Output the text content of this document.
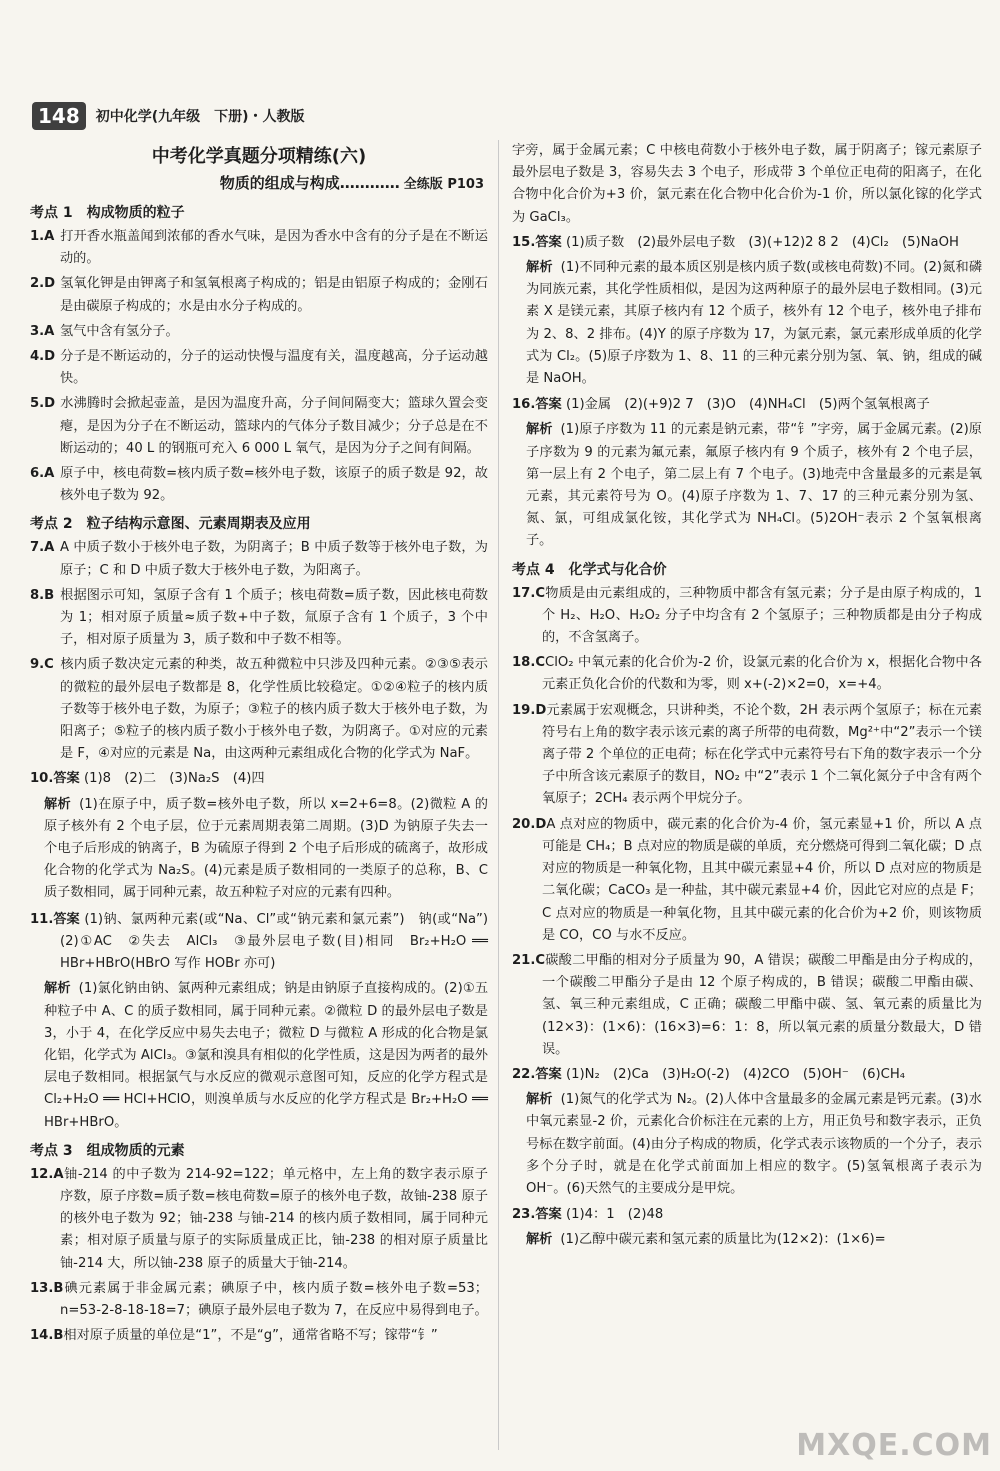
148	初中化学(九年级　下册)・人教版
中考化学真题分项精练(六)
物质的组成与构成………… 全练版 P103
考点 1　构成物质的粒子
1.A 打开香水瓶盖闻到浓郁的香水气味，是因为香水中含有的分子是在不断运动的。
2.D 氢氧化钾是由钾离子和氢氧根离子构成的；铝是由铝原子构成的；金刚石是由碳原子构成的；水是由水分子构成的。
3.A 氢气中含有氢分子。
4.D 分子是不断运动的，分子的运动快慢与温度有关，温度越高，分子运动越快。
5.D 水沸腾时会掀起壶盖，是因为温度升高，分子间间隔变大；篮球久置会变瘪，是因为分子在不断运动，篮球内的气体分子数目减少；分子总是在不断运动的；40 L 的钢瓶可充入 6 000 L 氧气，是因为分子之间有间隔。
6.A 原子中，核电荷数=核内质子数=核外电子数，该原子的质子数是 92，故核外电子数为 92。
考点 2　粒子结构示意图、元素周期表及应用
7.A A 中质子数小于核外电子数，为阴离子；B 中质子数等于核外电子数，为原子；C 和 D 中质子数大于核外电子数，为阳离子。
8.B 根据图示可知，氢原子含有 1 个质子；核电荷数=质子数，因此核电荷数为 1；相对原子质量≈质子数+中子数，氚原子含有 1 个质子，3 个中子，相对原子质量为 3，质子数和中子数不相等。
9.C 核内质子数决定元素的种类，故五种微粒中只涉及四种元素。②③⑤表示的微粒的最外层电子数都是 8，化学性质比较稳定。①②④粒子的核内质子数等于核外电子数，为原子；③粒子的核内质子数大于核外电子数，为阳离子；⑤粒子的核内质子数小于核外电子数，为阴离子。①对应的元素是 F，④对应的元素是 Na，由这两种元素组成化合物的化学式为 NaF。
10.答案 (1)8　(2)二　(3)Na₂S　(4)四
解析 (1)在原子中，质子数=核外电子数，所以 x=2+6=8。(2)微粒 A 的原子核外有 2 个电子层，位于元素周期表第二周期。(3)D 为钠原子失去一个电子后形成的钠离子，B 为硫原子得到 2 个电子后形成的硫离子，故形成化合物的化学式为 Na₂S。(4)元素是质子数相同的一类原子的总称，B、C 质子数相同，属于同种元素，故五种粒子对应的元素有四种。
11.答案 (1)钠、氯两种元素(或“Na、Cl”或“钠元素和氯元素”)　钠(或“Na”)　(2)①AC　②失去　AlCl₃　③最外层电子数(目)相同　Br₂+H₂O ══ HBr+HBrO(HBrO 写作 HOBr 亦可)
解析 (1)氯化钠由钠、氯两种元素组成；钠是由钠原子直接构成的。(2)①五种粒子中 A、C 的质子数相同，属于同种元素。②微粒 D 的最外层电子数是 3，小于 4，在化学反应中易失去电子；微粒 D 与微粒 A 形成的化合物是氯化铝，化学式为 AlCl₃。③氯和溴具有相似的化学性质，这是因为两者的最外层电子数相同。根据氯气与水反应的微观示意图可知，反应的化学方程式是 Cl₂+H₂O ══ HCl+HClO，则溴单质与水反应的化学方程式是 Br₂+H₂O ══ HBr+HBrO。
考点 3　组成物质的元素
12.A铀-214 的中子数为 214-92=122；单元格中，左上角的数字表示原子序数，原子序数=质子数=核电荷数=原子的核外电子数，故铀-238 原子的核外电子数为 92；铀-238 与铀-214 的核内质子数相同，属于同种元素；相对原子质量与原子的实际质量成正比，铀-238 的相对原子质量比铀-214 大，所以铀-238 原子的质量大于铀-214。
13.B碘元素属于非金属元素；碘原子中，核内质子数=核外电子数=53；n=53-2-8-18-18=7；碘原子最外层电子数为 7，在反应中易得到电子。
14.B相对原子质量的单位是“1”，不是“g”，通常省略不写；镓带“钅”
字旁，属于金属元素；C 中核电荷数小于核外电子数，属于阴离子；镓元素原子最外层电子数是 3，容易失去 3 个电子，形成带 3 个单位正电荷的阳离子，在化合物中化合价为+3 价，氯元素在化合物中化合价为-1 价，所以氯化镓的化学式为 GaCl₃。
15.答案 (1)质子数　(2)最外层电子数　(3)(+12)2 8 2　(4)Cl₂　(5)NaOH
解析 (1)不同种元素的最本质区别是核内质子数(或核电荷数)不同。(2)氮和磷为同族元素，其化学性质相似，是因为这两种原子的最外层电子数相同。(3)元素 X 是镁元素，其原子核内有 12 个质子，核外有 12 个电子，核外电子排布为 2、8、2 排布。(4)Y 的原子序数为 17，为氯元素，氯元素形成单质的化学式为 Cl₂。(5)原子序数为 1、8、11 的三种元素分别为氢、氧、钠，组成的碱是 NaOH。
16.答案 (1)金属　(2)(+9)2 7　(3)O　(4)NH₄Cl　(5)两个氢氧根离子
解析 (1)原子序数为 11 的元素是钠元素，带“钅”字旁，属于金属元素。(2)原子序数为 9 的元素为氟元素，氟原子核内有 9 个质子，核外有 2 个电子层，第一层上有 2 个电子，第二层上有 7 个电子。(3)地壳中含量最多的元素是氧元素，其元素符号为 O。(4)原子序数为 1、7、17 的三种元素分别为氢、氮、氯，可组成氯化铵，其化学式为 NH₄Cl。(5)2OH⁻表示 2 个氢氧根离子。
考点 4　化学式与化合价
17.C物质是由元素组成的，三种物质中都含有氢元素；分子是由原子构成的，1 个 H₂、H₂O、H₂O₂ 分子中均含有 2 个氢原子；三种物质都是由分子构成的，不含氢离子。
18.CClO₂ 中氧元素的化合价为-2 价，设氯元素的化合价为 x，根据化合物中各元素正负化合价的代数和为零，则 x+(-2)×2=0，x=+4。
19.D元素属于宏观概念，只讲种类，不论个数，2H 表示两个氢原子；标在元素符号右上角的数字表示该元素的离子所带的电荷数，Mg²⁺中“2”表示一个镁离子带 2 个单位的正电荷；标在化学式中元素符号右下角的数字表示一个分子中所含该元素原子的数目，NO₂ 中“2”表示 1 个二氧化氮分子中含有两个氧原子；2CH₄ 表示两个甲烷分子。
20.DA 点对应的物质中，碳元素的化合价为-4 价，氢元素显+1 价，所以 A 点可能是 CH₄；B 点对应的物质是碳的单质，充分燃烧可得到二氧化碳；D 点对应的物质是一种氧化物，且其中碳元素显+4 价，所以 D 点对应的物质是二氧化碳；CaCO₃ 是一种盐，其中碳元素显+4 价，因此它对应的点是 F；C 点对应的物质是一种氧化物，且其中碳元素的化合价为+2 价，则该物质是 CO，CO 与水不反应。
21.C碳酸二甲酯的相对分子质量为 90，A 错误；碳酸二甲酯是由分子构成的，一个碳酸二甲酯分子是由 12 个原子构成的，B 错误；碳酸二甲酯由碳、氢、氧三种元素组成，C 正确；碳酸二甲酯中碳、氢、氧元素的质量比为(12×3)：(1×6)：(16×3)=6：1：8，所以氧元素的质量分数最大，D 错误。
22.答案 (1)N₂　(2)Ca　(3)H₂O(-2)　(4)2CO　(5)OH⁻　(6)CH₄
解析 (1)氮气的化学式为 N₂。(2)人体中含量最多的金属元素是钙元素。(3)水中氧元素显-2 价，元素化合价标注在元素的上方，用正负号和数字表示，正负号标在数字前面。(4)由分子构成的物质，化学式表示该物质的一个分子，表示多个分子时，就是在化学式前面加上相应的数字。(5)氢氧根离子表示为 OH⁻。(6)天然气的主要成分是甲烷。
23.答案 (1)4：1　(2)48
解析 (1)乙醇中碳元素和氢元素的质量比为(12×2)：(1×6)=
MXQE.COM
